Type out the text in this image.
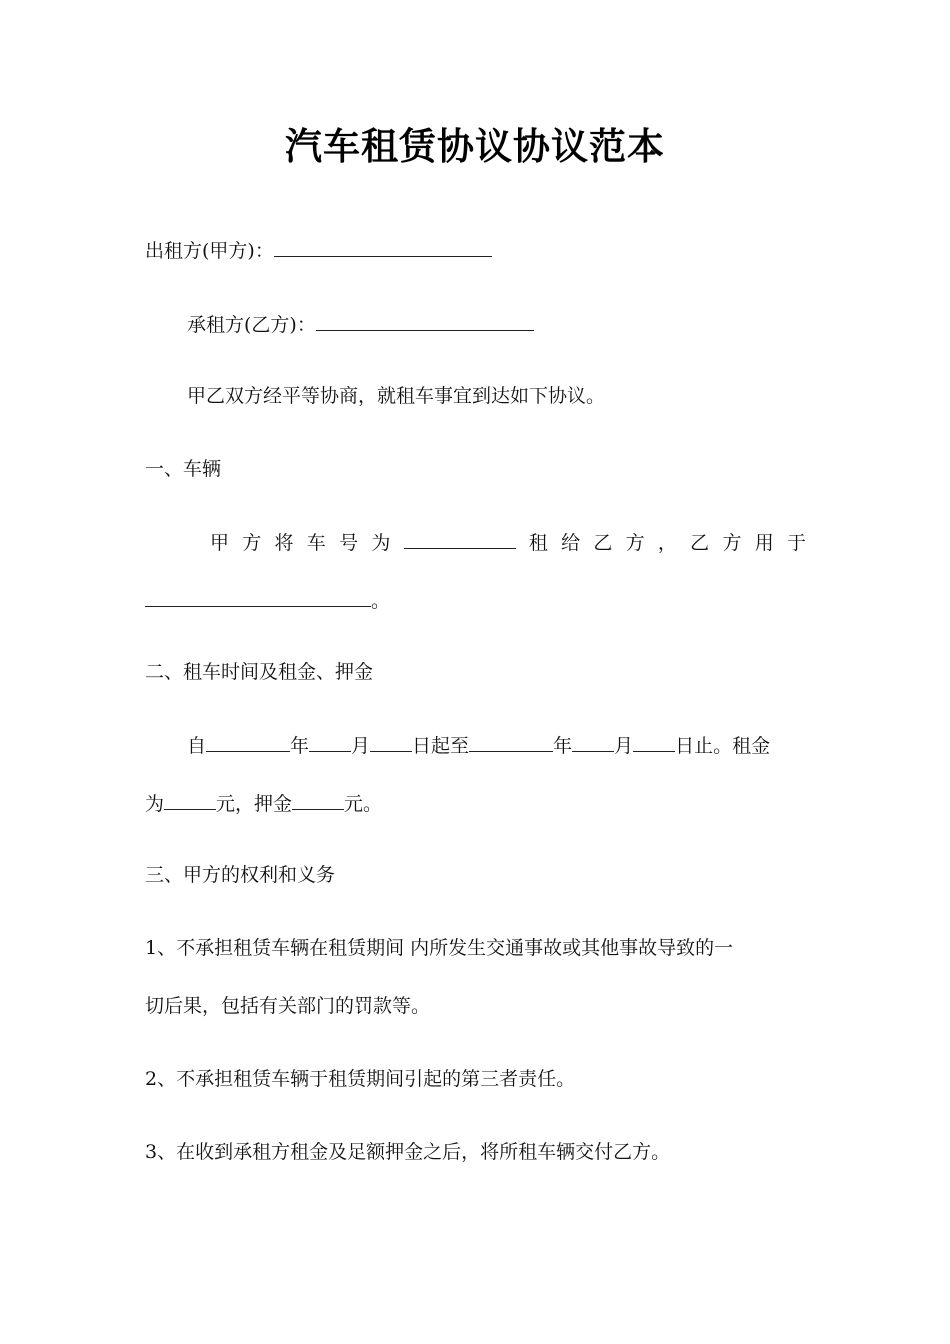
汽车租赁协议协议范本
出租方(甲方)：
承租方(乙方)：
甲乙双方经平等协商，就租车事宜到达如下协议。
一、车辆
甲 方 将 车 号 为	租 给 乙 方 ， 乙 方 用 于
。
二、租车时间及租金、押金
自	年 月 日起至	年 月 日止。租金
为	元，押金	元。
三、甲方的权利和义务
1、不承担租赁车辆在租赁期间 内所发生交通事故或其他事故导致的一
切后果，包括有关部门的罚款等。
2、不承担租赁车辆于租赁期间引起的第三者责任。
3、在收到承租方租金及足额押金之后，将所租车辆交付乙方。
